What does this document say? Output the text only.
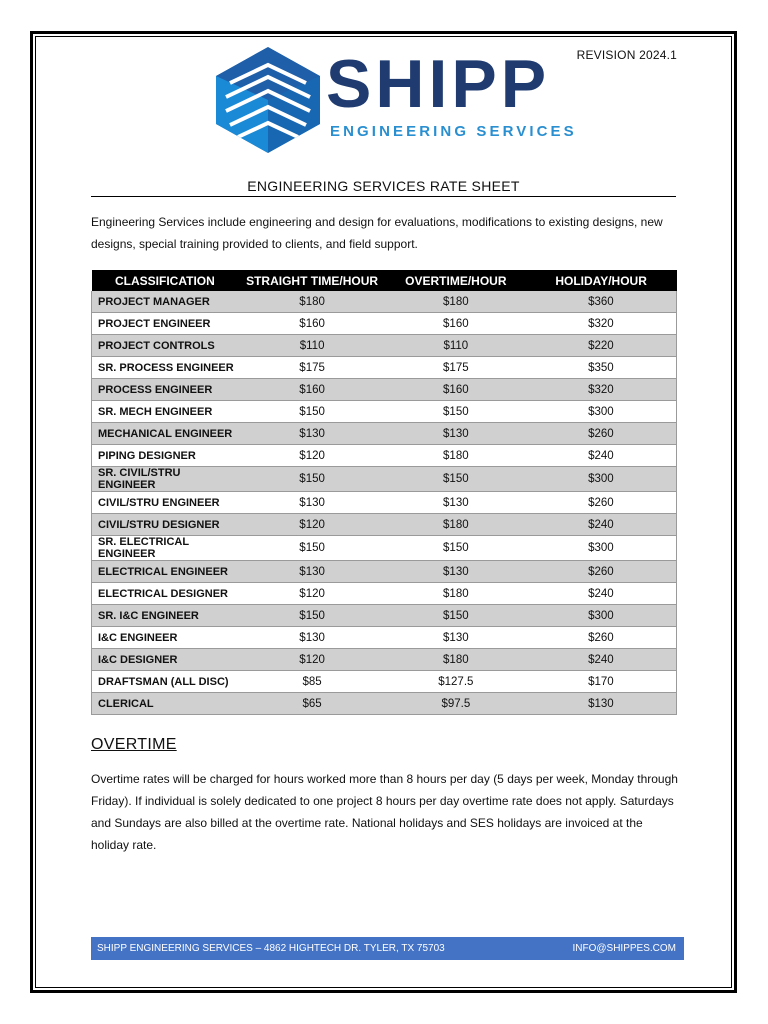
REVISION 2024.1
SHIPP
ENGINEERING SERVICES
ENGINEERING SERVICES RATE SHEET
Engineering Services include engineering and design for evaluations, modifications to existing designs, new designs, special training provided to clients, and field support.
CLASSIFICATION	STRAIGHT TIME/HOUR	OVERTIME/HOUR	HOLIDAY/HOUR
PROJECT MANAGER	$180	$180	$360
PROJECT ENGINEER	$160	$160	$320
PROJECT CONTROLS	$110	$110	$220
SR. PROCESS ENGINEER	$175	$175	$350
PROCESS ENGINEER	$160	$160	$320
SR. MECH ENGINEER	$150	$150	$300
MECHANICAL ENGINEER	$130	$130	$260
PIPING DESIGNER	$120	$180	$240
SR. CIVIL/STRU ENGINEER	$150	$150	$300
CIVIL/STRU ENGINEER	$130	$130	$260
CIVIL/STRU DESIGNER	$120	$180	$240
SR. ELECTRICAL ENGINEER	$150	$150	$300
ELECTRICAL ENGINEER	$130	$130	$260
ELECTRICAL DESIGNER	$120	$180	$240
SR. I&C ENGINEER	$150	$150	$300
I&C ENGINEER	$130	$130	$260
I&C DESIGNER	$120	$180	$240
DRAFTSMAN (ALL DISC)	$85	$127.5	$170
CLERICAL	$65	$97.5	$130
OVERTIME
Overtime rates will be charged for hours worked more than 8 hours per day (5 days per week, Monday through Friday). If individual is solely dedicated to one project 8 hours per day overtime rate does not apply. Saturdays and Sundays are also billed at the overtime rate. National holidays and SES holidays are invoiced at the holiday rate.
SHIPP ENGINEERING SERVICES – 4862 HIGHTECH DR. TYLER, TX 75703	INFO@SHIPPES.COM
